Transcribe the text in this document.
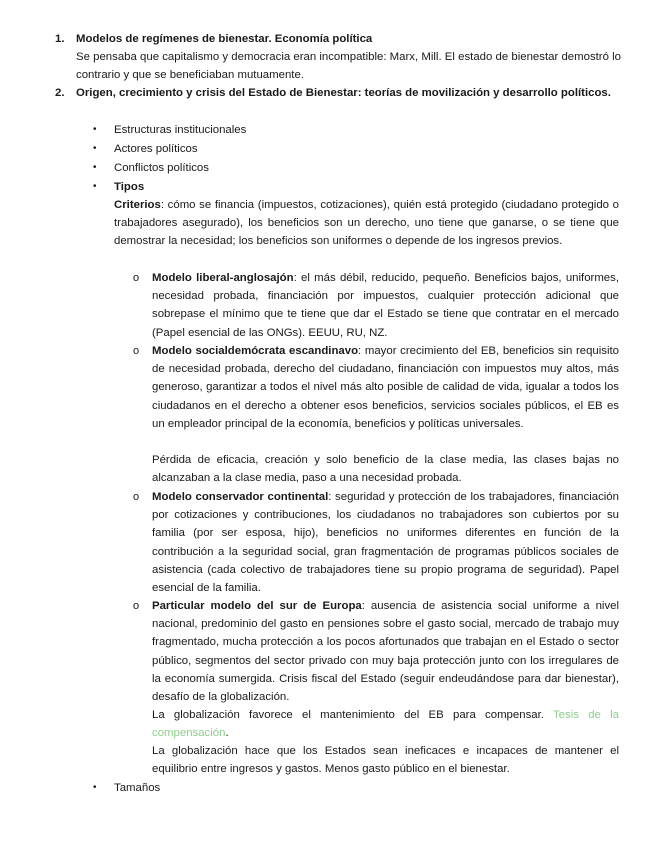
1. Modelos de regímenes de bienestar. Economía política
Se pensaba que capitalismo y democracia eran incompatible: Marx, Mill. El estado de bienestar demostró lo contrario y que se beneficiaban mutuamente.
2. Origen, crecimiento y crisis del Estado de Bienestar: teorías de movilización y desarrollo políticos.
• Estructuras institucionales
• Actores políticos
• Conflictos políticos
• Tipos
Criterios: cómo se financia (impuestos, cotizaciones), quién está protegido (ciudadano protegido o trabajadores asegurado), los beneficios son un derecho, uno tiene que ganarse, o se tiene que demostrar la necesidad; los beneficios son uniformes o depende de los ingresos previos.
o Modelo liberal-anglosajón: el más débil, reducido, pequeño. Beneficios bajos, uniformes, necesidad probada, financiación por impuestos, cualquier protección adicional que sobrepase el mínimo que te tiene que dar el Estado se tiene que contratar en el mercado (Papel esencial de las ONGs). EEUU, RU, NZ.
o Modelo socialdemócrata escandinavo: mayor crecimiento del EB, beneficios sin requisito de necesidad probada, derecho del ciudadano, financiación con impuestos muy altos, más generoso, garantizar a todos el nivel más alto posible de calidad de vida, igualar a todos los ciudadanos en el derecho a obtener esos beneficios, servicios sociales públicos, el EB es un empleador principal de la economía, beneficios y políticas universales.
Pérdida de eficacia, creación y solo beneficio de la clase media, las clases bajas no alcanzaban a la clase media, paso a una necesidad probada.
o Modelo conservador continental: seguridad y protección de los trabajadores, financiación por cotizaciones y contribuciones, los ciudadanos no trabajadores son cubiertos por su familia (por ser esposa, hijo), beneficios no uniformes diferentes en función de la contribución a la seguridad social, gran fragmentación de programas públicos sociales de asistencia (cada colectivo de trabajadores tiene su propio programa de seguridad). Papel esencial de la familia.
o Particular modelo del sur de Europa: ausencia de asistencia social uniforme a nivel nacional, predominio del gasto en pensiones sobre el gasto social, mercado de trabajo muy fragmentado, mucha protección a los pocos afortunados que trabajan en el Estado o sector público, segmentos del sector privado con muy baja protección junto con los irregulares de la economía sumergida. Crisis fiscal del Estado (seguir endeudándose para dar bienestar), desafío de la globalización.
La globalización favorece el mantenimiento del EB para compensar. Tesis de la compensación.
La globalización hace que los Estados sean ineficaces e incapaces de mantener el equilibrio entre ingresos y gastos. Menos gasto público en el bienestar.
• Tamaños
